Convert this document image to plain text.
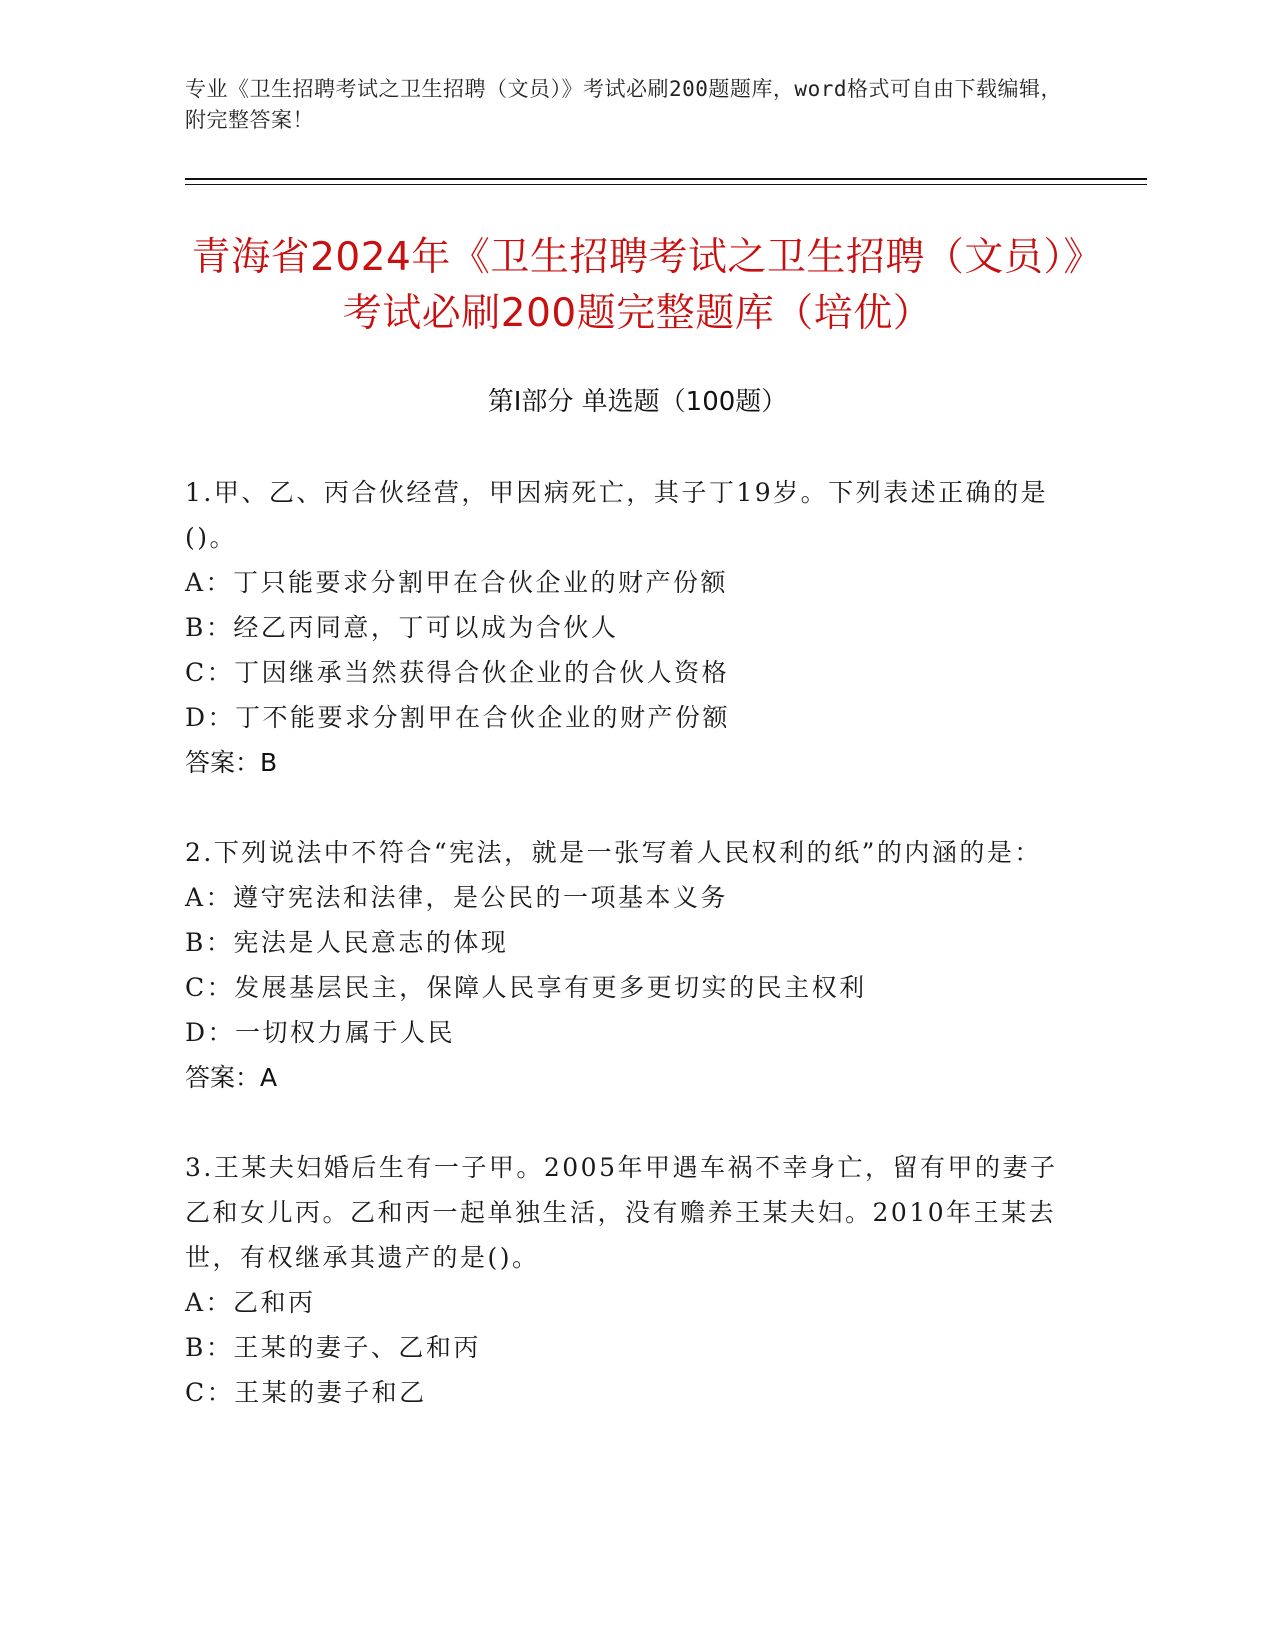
专业《卫生招聘考试之卫生招聘（文员）》考试必刷200题题库，word格式可自由下载编辑，附完整答案！
青海省2024年《卫生招聘考试之卫生招聘（文员）》考试必刷200题完整题库（培优）
第I部分 单选题（100题）
1.甲、乙、丙合伙经营，甲因病死亡，其子丁19岁。下列表述正确的是()。
A：丁只能要求分割甲在合伙企业的财产份额
B：经乙丙同意，丁可以成为合伙人
C：丁因继承当然获得合伙企业的合伙人资格
D：丁不能要求分割甲在合伙企业的财产份额
答案：B
2.下列说法中不符合“宪法，就是一张写着人民权利的纸”的内涵的是：
A：遵守宪法和法律，是公民的一项基本义务
B：宪法是人民意志的体现
C：发展基层民主，保障人民享有更多更切实的民主权利
D：一切权力属于人民
答案：A
3.王某夫妇婚后生有一子甲。2005年甲遇车祸不幸身亡，留有甲的妻子乙和女儿丙。乙和丙一起单独生活，没有赡养王某夫妇。2010年王某去世，有权继承其遗产的是()。
A：乙和丙
B：王某的妻子、乙和丙
C：王某的妻子和乙
